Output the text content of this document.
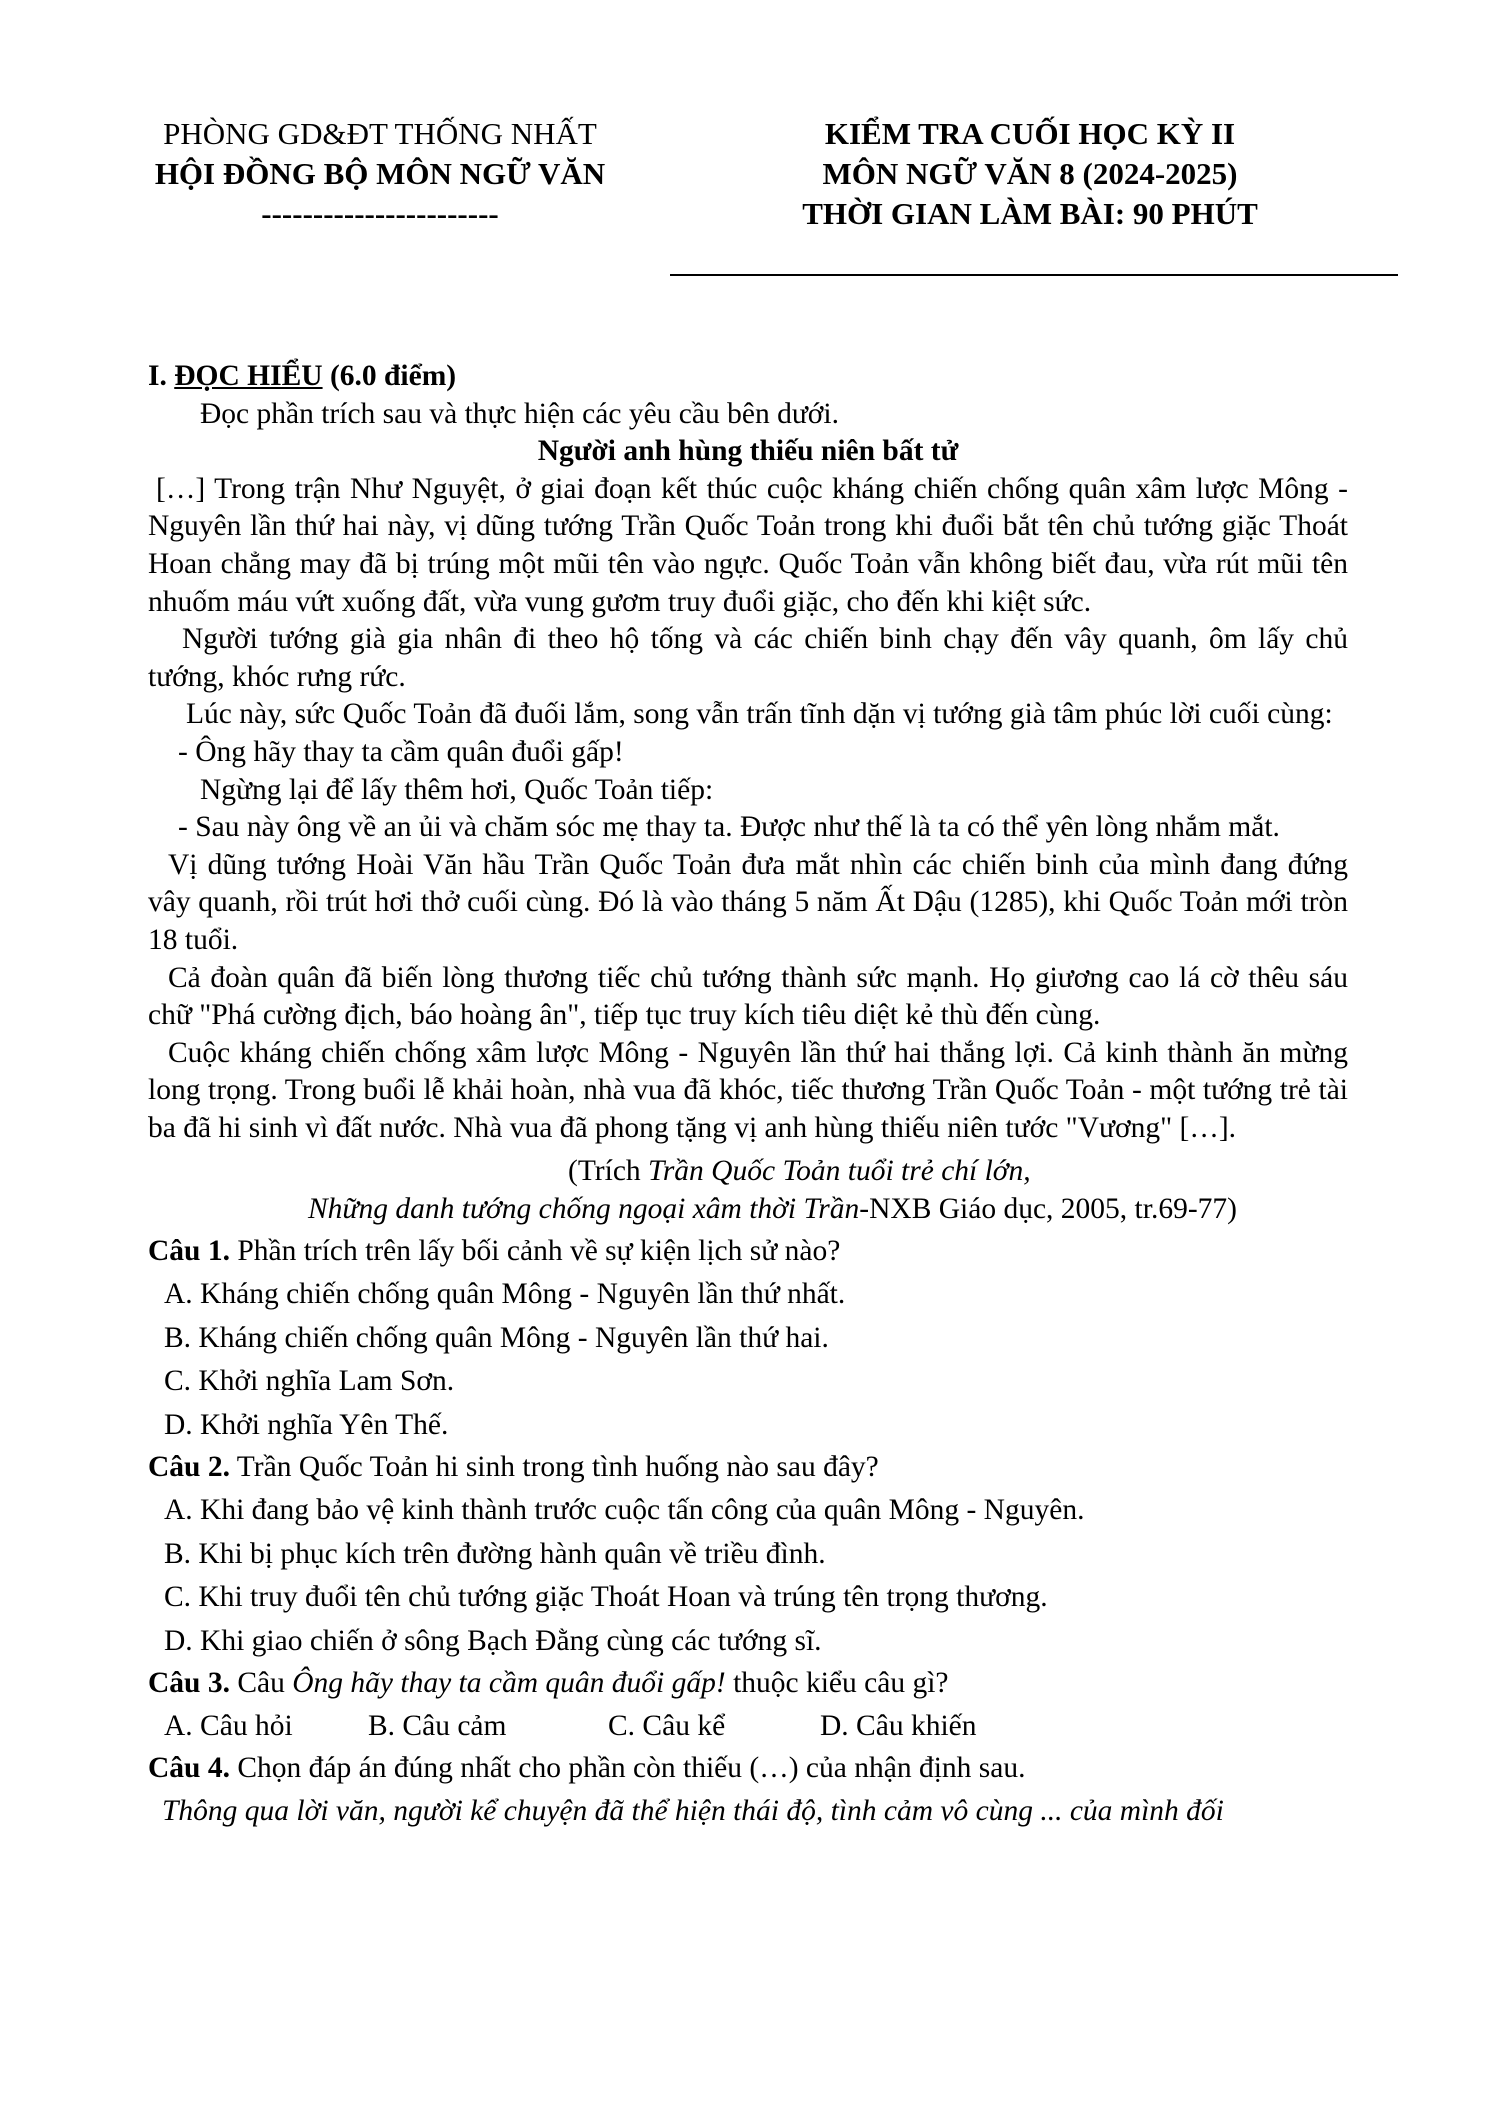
PHÒNG GD&ĐT THỐNG NHẤT
HỘI ĐỒNG BỘ MÔN NGỮ VĂN
-----------------------
KIỂM TRA CUỐI HỌC KỲ II
MÔN NGỮ VĂN 8 (2024-2025)
THỜI GIAN LÀM BÀI: 90 PHÚT

I. ĐỌC HIỂU (6.0 điểm)

Đọc phần trích sau và thực hiện các yêu cầu bên dưới.

Người anh hùng thiếu niên bất tử

[…] Trong trận Như Nguyệt, ở giai đoạn kết thúc cuộc kháng chiến chống quân xâm lược Mông - Nguyên lần thứ hai này, vị dũng tướng Trần Quốc Toản trong khi đuổi bắt tên chủ tướng giặc Thoát Hoan chẳng may đã bị trúng một mũi tên vào ngực. Quốc Toản vẫn không biết đau, vừa rút mũi tên nhuốm máu vứt xuống đất, vừa vung gươm truy đuổi giặc, cho đến khi kiệt sức.

Người tướng già gia nhân đi theo hộ tống và các chiến binh chạy đến vây quanh, ôm lấy chủ tướng, khóc rưng rức.

Lúc này, sức Quốc Toản đã đuối lắm, song vẫn trấn tĩnh dặn vị tướng già tâm phúc lời cuối cùng:

- Ông hãy thay ta cầm quân đuổi gấp!

Ngừng lại để lấy thêm hơi, Quốc Toản tiếp:

- Sau này ông về an ủi và chăm sóc mẹ thay ta. Được như thế là ta có thể yên lòng nhắm mắt.

Vị dũng tướng Hoài Văn hầu Trần Quốc Toản đưa mắt nhìn các chiến binh của mình đang đứng vây quanh, rồi trút hơi thở cuối cùng. Đó là vào tháng 5 năm Ất Dậu (1285), khi Quốc Toản mới tròn 18 tuổi.

Cả đoàn quân đã biến lòng thương tiếc chủ tướng thành sức mạnh. Họ giương cao lá cờ thêu sáu chữ "Phá cường địch, báo hoàng ân", tiếp tục truy kích tiêu diệt kẻ thù đến cùng.

Cuộc kháng chiến chống xâm lược Mông - Nguyên lần thứ hai thắng lợi. Cả kinh thành ăn mừng long trọng. Trong buổi lễ khải hoàn, nhà vua đã khóc, tiếc thương Trần Quốc Toản - một tướng trẻ tài ba đã hi sinh vì đất nước. Nhà vua đã phong tặng vị anh hùng thiếu niên tước "Vương" […].

(Trích Trần Quốc Toản tuổi trẻ chí lớn,

Những danh tướng chống ngoại xâm thời Trần-NXB Giáo dục, 2005, tr.69-77)

Câu 1. Phần trích trên lấy bối cảnh về sự kiện lịch sử nào?

A. Kháng chiến chống quân Mông - Nguyên lần thứ nhất.

B. Kháng chiến chống quân Mông - Nguyên lần thứ hai.

C. Khởi nghĩa Lam Sơn.

D. Khởi nghĩa Yên Thế.

Câu 2. Trần Quốc Toản hi sinh trong tình huống nào sau đây?

A. Khi đang bảo vệ kinh thành trước cuộc tấn công của quân Mông - Nguyên.

B. Khi bị phục kích trên đường hành quân về triều đình.

C. Khi truy đuổi tên chủ tướng giặc Thoát Hoan và trúng tên trọng thương.

D. Khi giao chiến ở sông Bạch Đằng cùng các tướng sĩ.

Câu 3. Câu Ông hãy thay ta cầm quân đuổi gấp! thuộc kiểu câu gì?

A. Câu hỏi	B. Câu cảm	C. Câu kể	D. Câu khiến

Câu 4. Chọn đáp án đúng nhất cho phần còn thiếu (…) của nhận định sau.

Thông qua lời văn, người kể chuyện đã thể hiện thái độ, tình cảm vô cùng ... của mình đối
